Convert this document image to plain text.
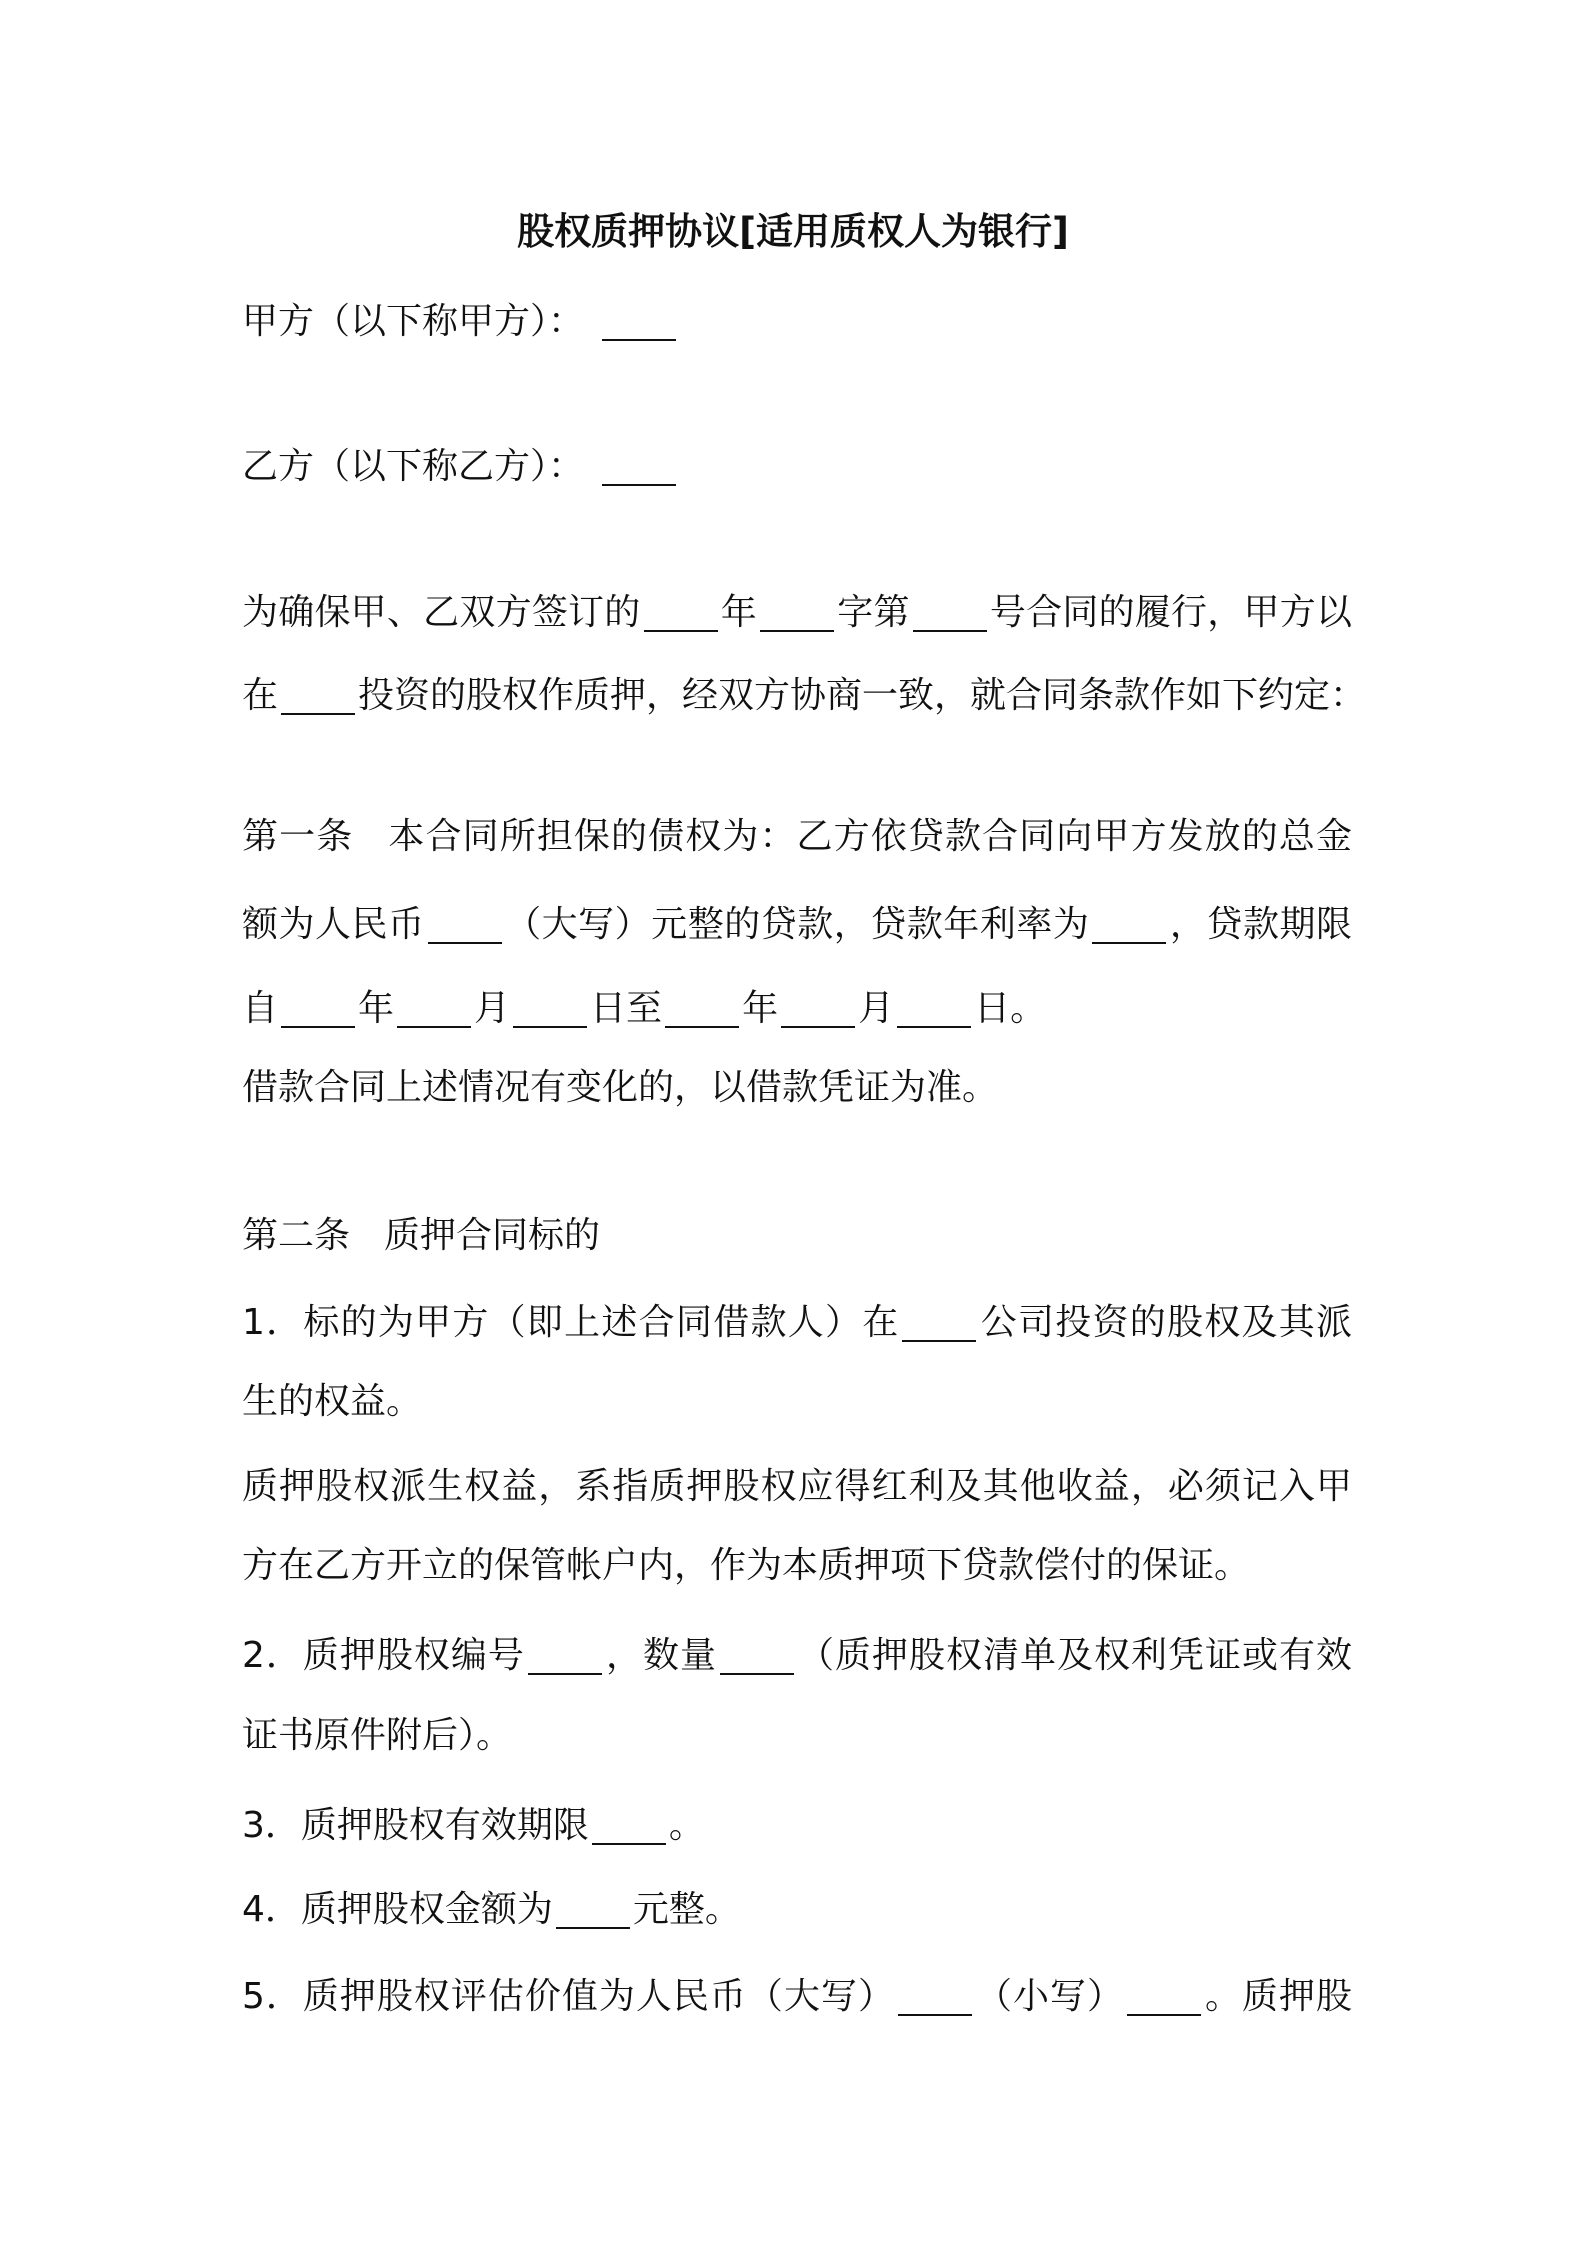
股权质押协议[适用质权人为银行]
甲方（以下称甲方）：
乙方（以下称乙方）：
为确保甲、乙双方签订的 年 字第 号合同的履行，甲方以
在 投资的股权作质押，经双方协商一致，就合同条款作如下约定：
第一条 本合同所担保的债权为：乙方依贷款合同向甲方发放的总金
额为人民币 （大写）元整的贷款，贷款年利率为 ，贷款期限
自 年 月 日至 年 月 日。
借款合同上述情况有变化的，以借款凭证为准。
第二条 质押合同标的
1．标的为甲方（即上述合同借款人）在 公司投资的股权及其派
生的权益。
质押股权派生权益，系指质押股权应得红利及其他收益，必须记入甲
方在乙方开立的保管帐户内，作为本质押项下贷款偿付的保证。
2．质押股权编号 ，数量 （质押股权清单及权利凭证或有效
证书原件附后）。
3．质押股权有效期限 。
4．质押股权金额为 元整。
5．质押股权评估价值为人民币（大写） （小写） 。质押股
